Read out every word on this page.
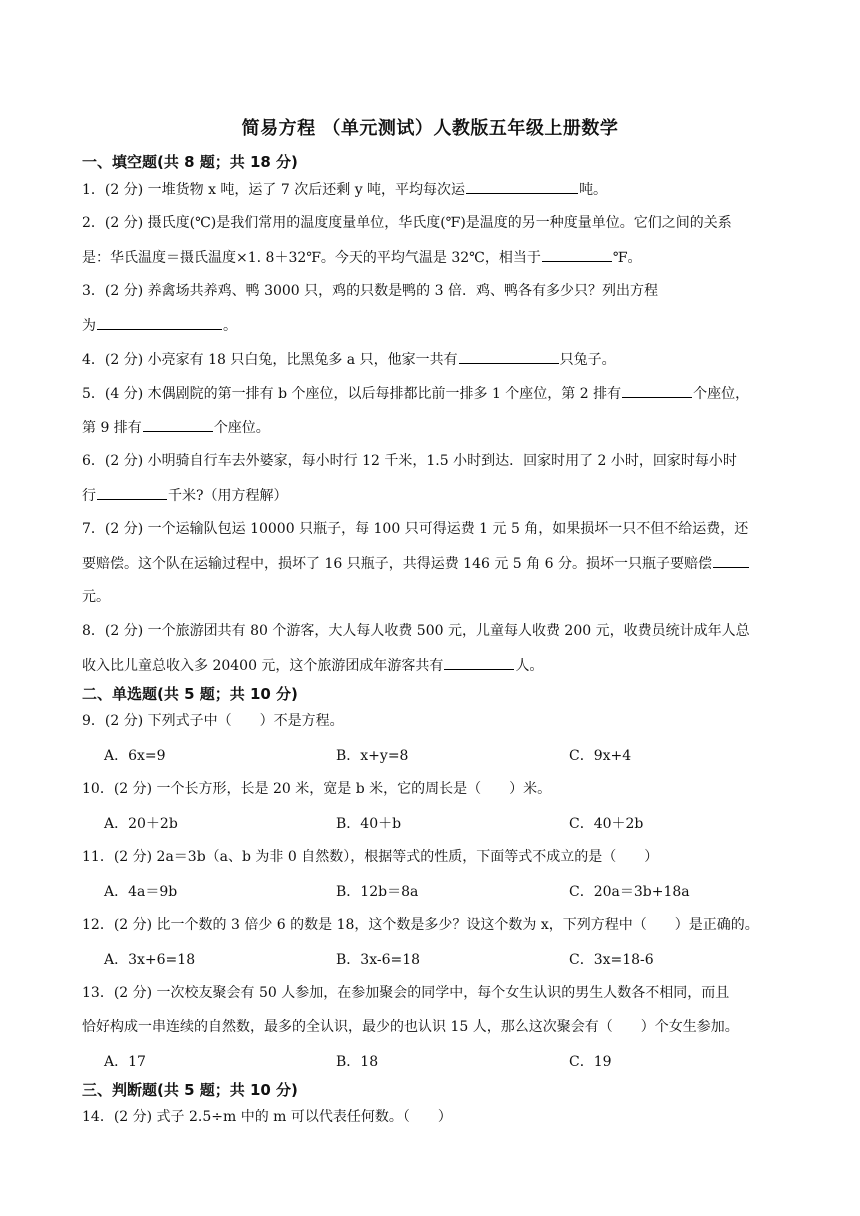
简易方程 （单元测试）人教版五年级上册数学
一、填空题(共 8 题；共 18 分)
1．(2 分) 一堆货物 x 吨，运了 7 次后还剩 y 吨，平均每次运	吨。
2．(2 分) 摄氏度(℃)是我们常用的温度度量单位，华氏度(℉)是温度的另一种度量单位。它们之间的关系
是：华氏温度＝摄氏温度×1. 8＋32℉。今天的平均气温是 32℃，相当于	℉。
3．(2 分) 养禽场共养鸡、鸭 3000 只，鸡的只数是鸭的 3 倍．鸡、鸭各有多少只？列出方程
为	。
4．(2 分) 小亮家有 18 只白兔，比黑兔多 a 只，他家一共有	只兔子。
5．(4 分) 木偶剧院的第一排有 b 个座位，以后每排都比前一排多 1 个座位，第 2 排有	个座位，
第 9 排有	个座位。
6．(2 分) 小明骑自行车去外婆家，每小时行 12 千米，1.5 小时到达．回家时用了 2 小时，回家时每小时
行	千米?（用方程解）
7．(2 分) 一个运输队包运 10000 只瓶子，每 100 只可得运费 1 元 5 角，如果损坏一只不但不给运费，还
要赔偿。这个队在运输过程中，损坏了 16 只瓶子，共得运费 146 元 5 角 6 分。损坏一只瓶子要赔偿
元。
8．(2 分) 一个旅游团共有 80 个游客，大人每人收费 500 元，儿童每人收费 200 元，收费员统计成年人总
收入比儿童总收入多 20400 元，这个旅游团成年游客共有	人。
二、单选题(共 5 题；共 10 分)
9．(2 分) 下列式子中（　　）不是方程。
A．6x=9	B．x+y=8	C．9x+4
10．(2 分) 一个长方形，长是 20 米，宽是 b 米，它的周长是（　　）米。
A．20＋2b	B．40＋b	C．40＋2b
11．(2 分) 2a＝3b（a、b 为非 0 自然数），根据等式的性质，下面等式不成立的是（　　）
A．4a＝9b	B．12b＝8a	C．20a＝3b+18a
12．(2 分) 比一个数的 3 倍少 6 的数是 18，这个数是多少？设这个数为 x，下列方程中（　　）是正确的。
A．3x+6=18	B．3x-6=18	C．3x=18-6
13．(2 分) 一次校友聚会有 50 人参加，在参加聚会的同学中，每个女生认识的男生人数各不相同，而且
恰好构成一串连续的自然数，最多的全认识，最少的也认识 15 人，那么这次聚会有（　　）个女生参加。
A．17	B．18	C．19
三、判断题(共 5 题；共 10 分)
14．(2 分) 式子 2.5÷m 中的 m 可以代表任何数。（　　）
